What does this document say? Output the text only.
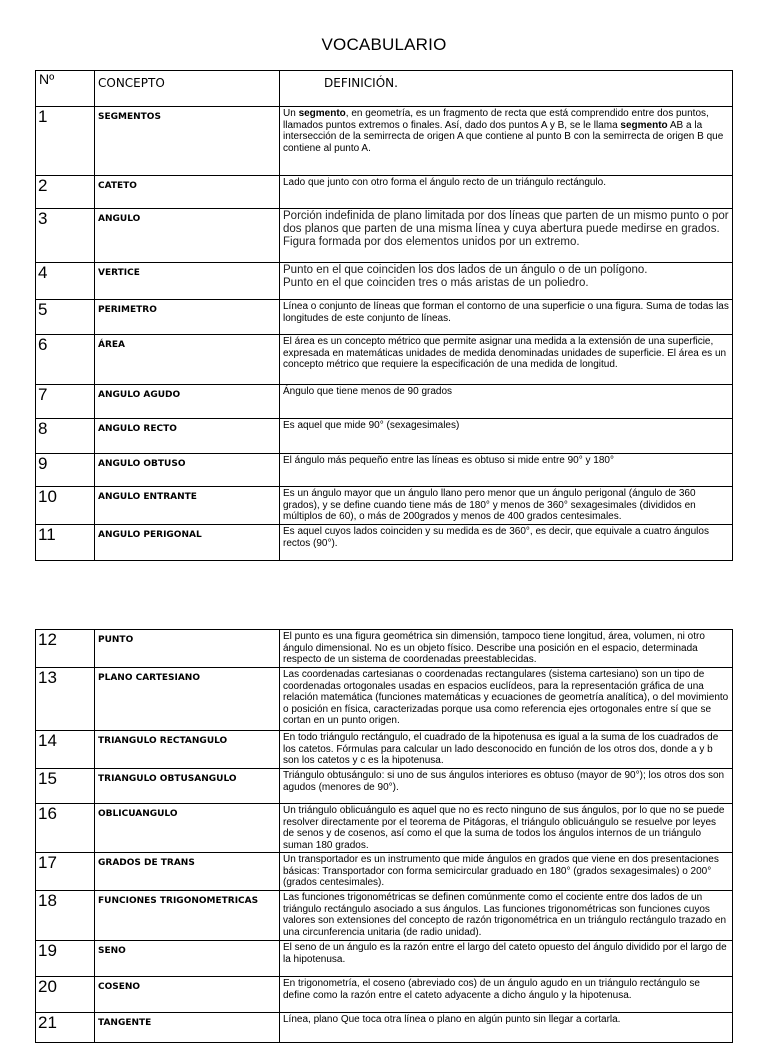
VOCABULARIO
Nº	CONCEPTO	DEFINICIÓN.
1	SEGMENTOS	Un segmento, en geometría, es un fragmento de recta que está comprendido entre dos puntos, llamados puntos extremos o finales. Así, dado dos puntos A y B, se le llama segmento AB a la intersección de la semirrecta de origen A que contiene al punto B con la semirrecta de origen B que contiene al punto A.
2	CATETO	Lado que junto con otro forma el ángulo recto de un triángulo rectángulo.
3	ANGULO	Porción indefinida de plano limitada por dos líneas que parten de un mismo punto o por dos planos que parten de una misma línea y cuya abertura puede medirse en grados.
Figura formada por dos elementos unidos por un extremo.
4	VERTICE	Punto en el que coinciden los dos lados de un ángulo o de un polígono.
Punto en el que coinciden tres o más aristas de un poliedro.
5	PERIMETRO	Línea o conjunto de líneas que forman el contorno de una superficie o una figura. Suma de todas las longitudes de este conjunto de líneas.
6	ÁREA	El área es un concepto métrico que permite asignar una medida a la extensión de una superficie, expresada en matemáticas unidades de medida denominadas unidades de superficie. El área es un concepto métrico que requiere la especificación de una medida de longitud.
7	ANGULO AGUDO	Ángulo que tiene menos de 90 grados
8	ANGULO RECTO	Es aquel que mide 90° (sexagesimales)
9	ANGULO OBTUSO	El ángulo más pequeño entre las líneas es obtuso si mide entre 90° y 180°
10	ANGULO ENTRANTE	Es un ángulo mayor que un ángulo llano pero menor que un ángulo perigonal (ángulo de 360 grados), y se define cuando tiene más de 180° y menos de 360° sexagesimales (divididos en múltiplos de 60), o más de 200grados y menos de 400 grados centesimales.
11	ANGULO PERIGONAL	Es aquel cuyos lados coinciden y su medida es de 360°, es decir, que equivale a cuatro ángulos rectos (90°).
12	PUNTO	El punto es una figura geométrica sin dimensión, tampoco tiene longitud, área, volumen, ni otro ángulo dimensional. No es un objeto físico. Describe una posición en el espacio, determinada respecto de un sistema de coordenadas preestablecidas.
13	PLANO CARTESIANO	Las coordenadas cartesianas o coordenadas rectangulares (sistema cartesiano) son un tipo de coordenadas ortogonales usadas en espacios euclídeos, para la representación gráfica de una relación matemática (funciones matemáticas y ecuaciones de geometría analítica), o del movimiento o posición en física, caracterizadas porque usa como referencia ejes ortogonales entre sí que se cortan en un punto origen.
14	TRIANGULO RECTANGULO	En todo triángulo rectángulo, el cuadrado de la hipotenusa es igual a la suma de los cuadrados de los catetos. Fórmulas para calcular un lado desconocido en función de los otros dos, donde a y b son los catetos y c es la hipotenusa.
15	TRIANGULO OBTUSANGULO	Triángulo obtusángulo: si uno de sus ángulos interiores es obtuso (mayor de 90°); los otros dos son agudos (menores de 90°).
16	OBLICUANGULO	Un triángulo oblicuángulo es aquel que no es recto ninguno de sus ángulos, por lo que no se puede resolver directamente por el teorema de Pitágoras, el triángulo oblicuángulo se resuelve por leyes de senos y de cosenos, así como el que la suma de todos los ángulos internos de un triángulo suman 180 grados.
17	GRADOS DE TRANS	Un transportador es un instrumento que mide ángulos en grados que viene en dos presentaciones básicas: Transportador con forma semicircular graduado en 180° (grados sexagesimales) o 200° (grados centesimales).
18	FUNCIONES TRIGONOMETRICAS	Las funciones trigonométricas se definen comúnmente como el cociente entre dos lados de un triángulo rectángulo asociado a sus ángulos. Las funciones trigonométricas son funciones cuyos valores son extensiones del concepto de razón trigonométrica en un triángulo rectángulo trazado en una circunferencia unitaria (de radio unidad).
19	SENO	El seno de un ángulo es la razón entre el largo del cateto opuesto del ángulo dividido por el largo de la hipotenusa.
20	COSENO	En trigonometría, el coseno (abreviado cos) de un ángulo agudo en un triángulo rectángulo se define como la razón entre el cateto adyacente a dicho ángulo y la hipotenusa.
21	TANGENTE	Línea, plano Que toca otra línea o plano en algún punto sin llegar a cortarla.
